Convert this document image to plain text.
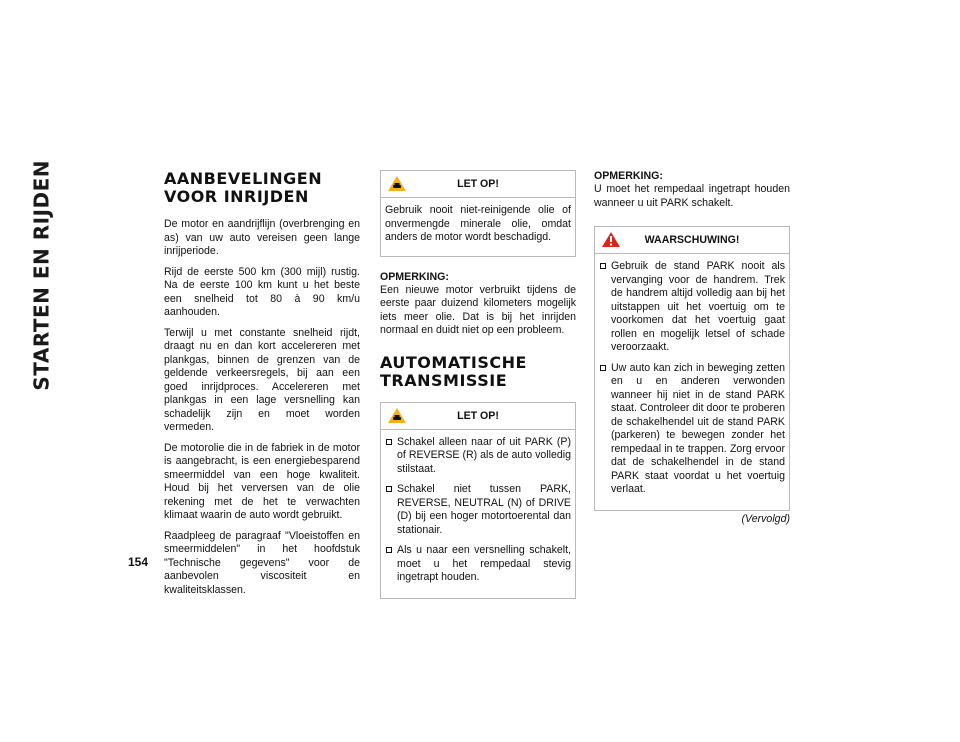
STARTEN EN RIJDEN	AANBEVELINGEN VOOR INRIJDEN

De motor en aandrijflijn (overbrenging en as) van uw auto vereisen geen lange inrijperiode.

Rijd de eerste 500 km (300 mijl) rustig. Na de eerste 100 km kunt u het beste een snelheid tot 80 à 90 km/u aanhouden.

Terwijl u met constante snelheid rijdt, draagt nu en dan kort accelereren met plankgas, binnen de grenzen van de geldende verkeersregels, bij aan een goed inrijdproces. Accelereren met plankgas in een lage versnelling kan schadelijk zijn en moet worden vermeden.

De motorolie die in de fabriek in de motor is aangebracht, is een energiebesparend smeermiddel van een hoge kwaliteit. Houd bij het verversen van de olie rekening met de het te verwachten klimaat waarin de auto wordt gebruikt.

Raadpleeg de paragraaf "Vloeistoffen en smeermiddelen" in het hoofdstuk "Technische gegevens" voor de aanbevolen viscositeit en kwaliteitsklassen.

LET OP!

Gebruik nooit niet-reinigende olie of onvermengde minerale olie, omdat anders de motor wordt beschadigd.

OPMERKING:

Een nieuwe motor verbruikt tijdens de eerste paar duizend kilometers mogelijk iets meer olie. Dat is bij het inrijden normaal en duidt niet op een probleem.

AUTOMATISCHE TRANSMISSIE
LET OP!
Schakel alleen naar of uit PARK (P) of REVERSE (R) als de auto volledig stilstaat.
Schakel niet tussen PARK, REVERSE, NEUTRAL (N) of DRIVE (D) bij een hoger motortoerental dan stationair.
Als u naar een versnelling schakelt, moet u het rempedaal stevig ingetrapt houden.
OPMERKING:

U moet het rempedaal ingetrapt houden wanneer u uit PARK schakelt.

WAARSCHUWING!
Gebruik de stand PARK nooit als vervanging voor de handrem. Trek de handrem altijd volledig aan bij het uitstappen uit het voertuig om te voorkomen dat het voertuig gaat rollen en mogelijk letsel of schade veroorzaakt.
Uw auto kan zich in beweging zetten en u en anderen verwonden wanneer hij niet in de stand PARK staat. Controleer dit door te proberen de schakelhendel uit de stand PARK (parkeren) te bewegen zonder het rempedaal in te trappen. Zorg ervoor dat de schakelhendel in de stand PARK staat voordat u het voertuig verlaat.
(Vervolgd)
154
